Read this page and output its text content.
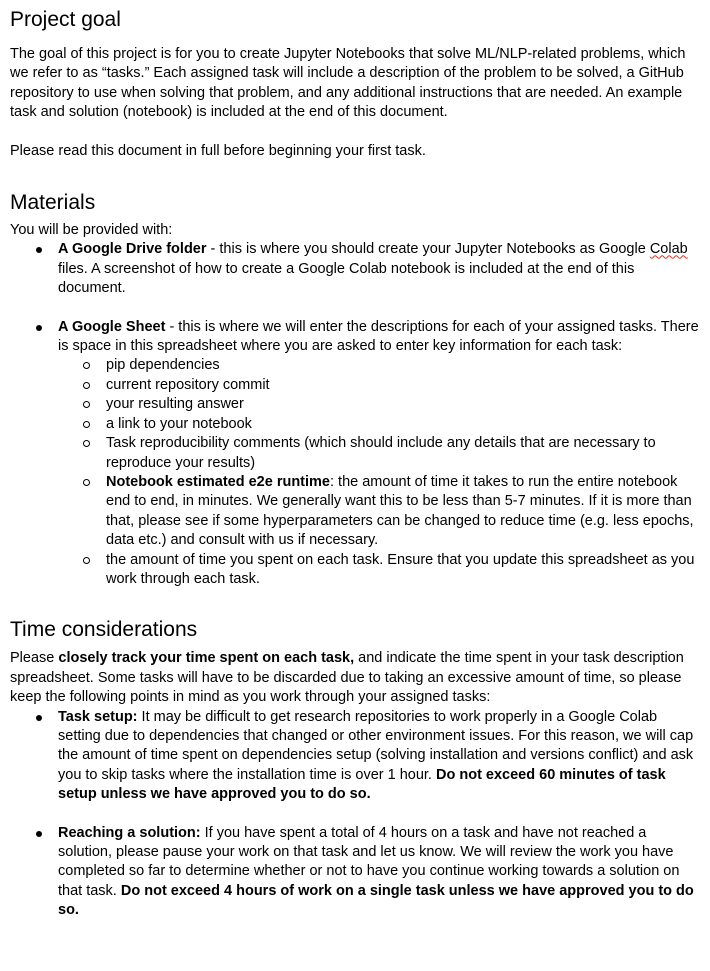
Project goal

The goal of this project is for you to create Jupyter Notebooks that solve ML/NLP-related problems, which we refer to as “tasks.” Each assigned task will include a description of the problem to be solved, a GitHub repository to use when solving that problem, and any additional instructions that are needed. An example task and solution (notebook) is included at the end of this document.

Please read this document in full before beginning your first task.

Materials

You will be provided with:

A Google Drive folder - this is where you should create your Jupyter Notebooks as Google Colab files. A screenshot of how to create a Google Colab notebook is included at the end of this document.
A Google Sheet - this is where we will enter the descriptions for each of your assigned tasks. There is space in this spreadsheet where you are asked to enter key information for each task:
pip dependencies
current repository commit
your resulting answer
a link to your notebook
Task reproducibility comments (which should include any details that are necessary to reproduce your results)
Notebook estimated e2e runtime: the amount of time it takes to run the entire notebook end to end, in minutes. We generally want this to be less than 5-7 minutes. If it is more than that, please see if some hyperparameters can be changed to reduce time (e.g. less epochs, data etc.) and consult with us if necessary.
the amount of time you spent on each task. Ensure that you update this spreadsheet as you work through each task.
Time considerations

Please closely track your time spent on each task, and indicate the time spent in your task description spreadsheet. Some tasks will have to be discarded due to taking an excessive amount of time, so please keep the following points in mind as you work through your assigned tasks:

Task setup: It may be difficult to get research repositories to work properly in a Google Colab setting due to dependencies that changed or other environment issues. For this reason, we will cap the amount of time spent on dependencies setup (solving installation and versions conflict) and ask you to skip tasks where the installation time is over 1 hour. Do not exceed 60 minutes of task setup unless we have approved you to do so.
Reaching a solution: If you have spent a total of 4 hours on a task and have not reached a solution, please pause your work on that task and let us know. We will review the work you have completed so far to determine whether or not to have you continue working towards a solution on that task. Do not exceed 4 hours of work on a single task unless we have approved you to do so.
